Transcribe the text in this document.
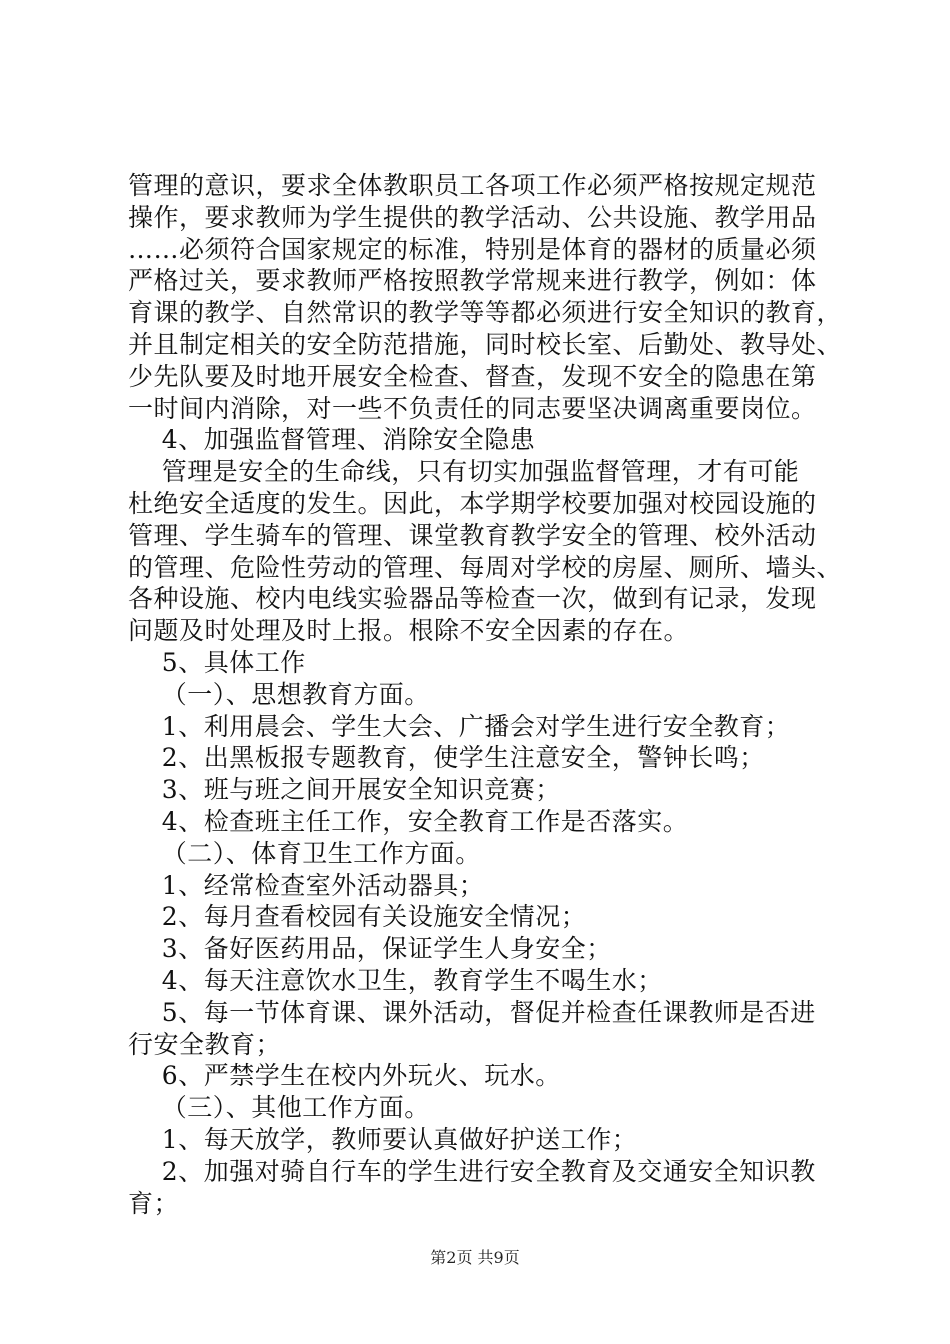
管理的意识，要求全体教职员工各项工作必须严格按规定规范
操作，要求教师为学生提供的教学活动、公共设施、教学用品
……必须符合国家规定的标准，特别是体育的器材的质量必须
严格过关，要求教师严格按照教学常规来进行教学，例如：体
育课的教学、自然常识的教学等等都必须进行安全知识的教育，
并且制定相关的安全防范措施，同时校长室、后勤处、教导处、
少先队要及时地开展安全检查、督查，发现不安全的隐患在第
一时间内消除，对一些不负责任的同志要坚决调离重要岗位。
4、加强监督管理、消除安全隐患
管理是安全的生命线，只有切实加强监督管理，才有可能
杜绝安全适度的发生。因此，本学期学校要加强对校园设施的
管理、学生骑车的管理、课堂教育教学安全的管理、校外活动
的管理、危险性劳动的管理、每周对学校的房屋、厕所、墙头、
各种设施、校内电线实验器品等检查一次，做到有记录，发现
问题及时处理及时上报。根除不安全因素的存在。
5、具体工作
（一）、思想教育方面。
1、利用晨会、学生大会、广播会对学生进行安全教育；
2、出黑板报专题教育，使学生注意安全，警钟长鸣；
3、班与班之间开展安全知识竞赛；
4、检查班主任工作，安全教育工作是否落实。
（二）、体育卫生工作方面。
1、经常检查室外活动器具；
2、每月查看校园有关设施安全情况；
3、备好医药用品，保证学生人身安全；
4、每天注意饮水卫生，教育学生不喝生水；
5、每一节体育课、课外活动，督促并检查任课教师是否进
行安全教育；
6、严禁学生在校内外玩火、玩水。
（三）、其他工作方面。
1、每天放学，教师要认真做好护送工作；
2、加强对骑自行车的学生进行安全教育及交通安全知识教
育；
第2页 共9页
